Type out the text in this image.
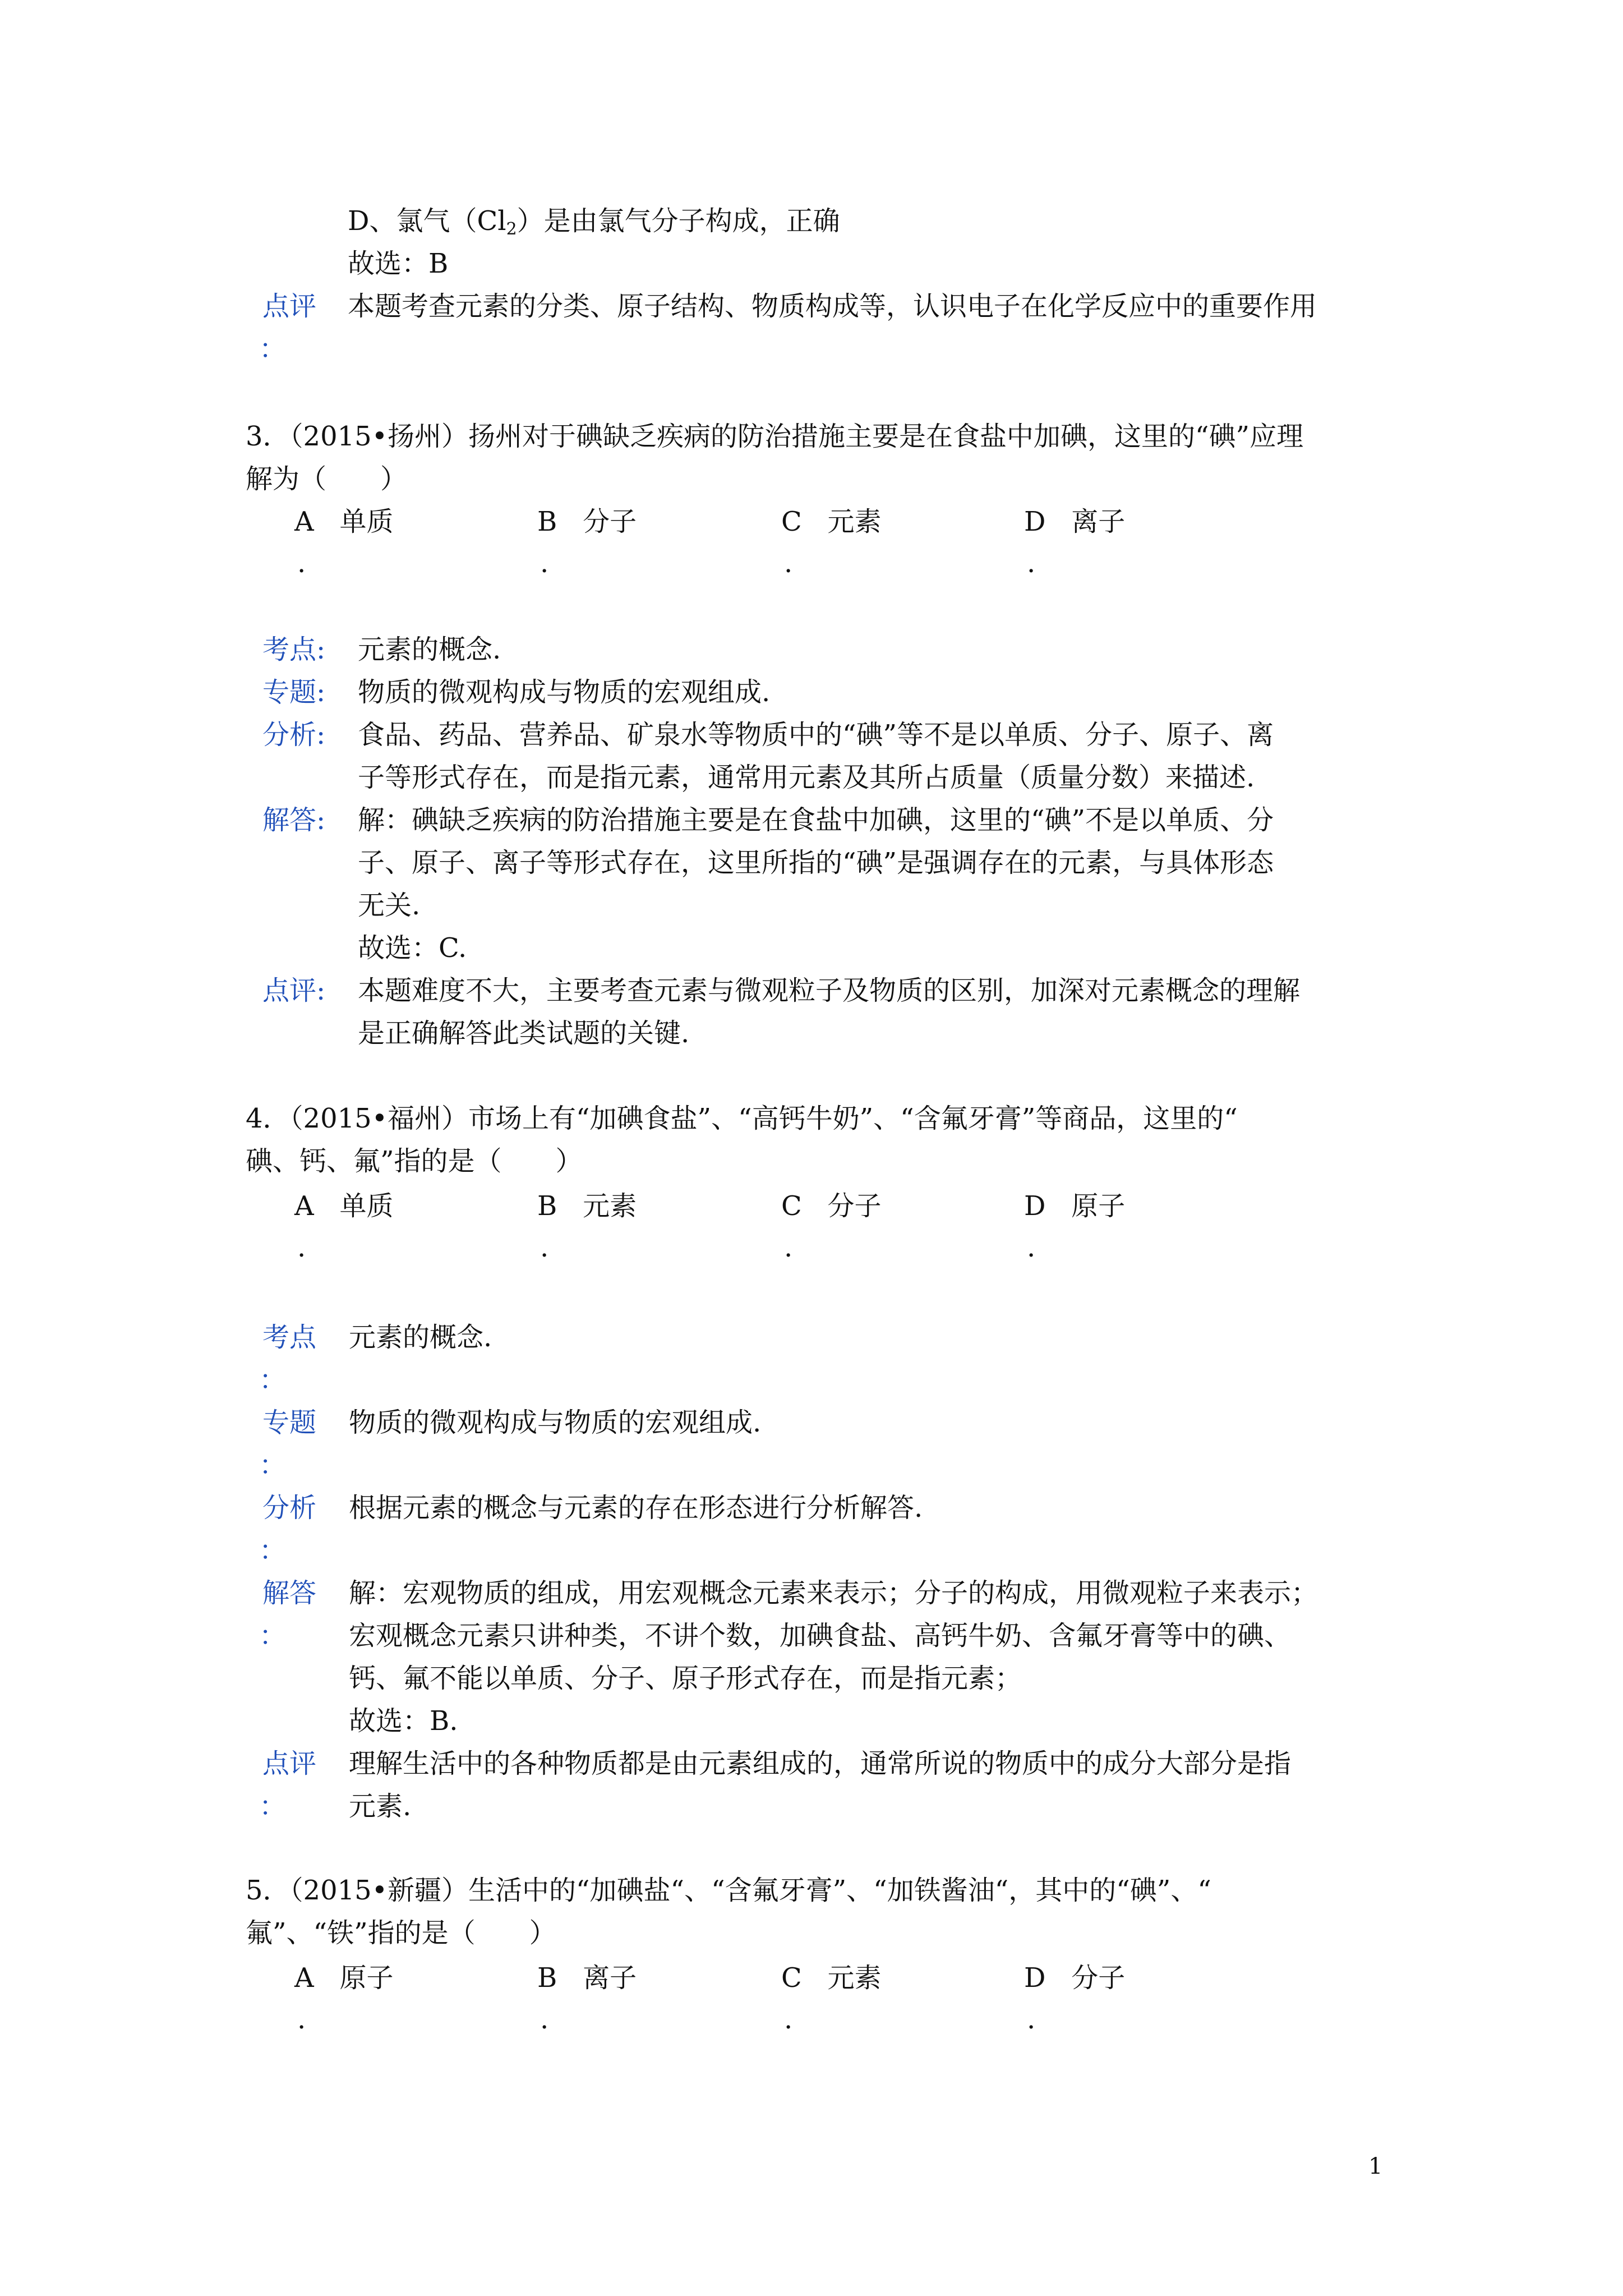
D、氯气$(Cl_2)$是由氯气分子构成，正确
故选：B
点评 本题考查元素的分类、原子结构、物质构成等，认识电子在化学反应中的重要作用
：
3．（2015•扬州）扬州对于碘缺乏疾病的防治措施主要是在食盐中加碘，这里的“碘”应理
解为（　　）
A 单质	B 分子	C 元素	D 离子
.	.	.	.
考点: 元素的概念.
专题: 物质的微观构成与物质的宏观组成.
分析: 食品、药品、营养品、矿泉水等物质中的“碘”等不是以单质、分子、原子、离
子等形式存在，而是指元素，通常用元素及其所占质量（质量分数）来描述.
解答: 解：碘缺乏疾病的防治措施主要是在食盐中加碘，这里的“碘”不是以单质、分
子、原子、离子等形式存在，这里所指的“碘”是强调存在的元素，与具体形态
无关.
故选：C.
点评: 本题难度不大，主要考查元素与微观粒子及物质的区别，加深对元素概念的理解
是正确解答此类试题的关键.
4．（2015•福州）市场上有“加碘食盐”、“高钙牛奶”、“含氟牙膏”等商品，这里的“
碘、钙、氟”指的是（　　）
A 单质	B 元素	C 分子	D 原子
.	.	.	.
考点 元素的概念.
：
专题 物质的微观构成与物质的宏观组成.
：
分析 根据元素的概念与元素的存在形态进行分析解答.
：
解答 解：宏观物质的组成，用宏观概念元素来表示；分子的构成，用微观粒子来表示；
： 宏观概念元素只讲种类，不讲个数，加碘食盐、高钙牛奶、含氟牙膏等中的碘、
钙、氟不能以单质、分子、原子形式存在，而是指元素；
故选：B.
点评 理解生活中的各种物质都是由元素组成的，通常所说的物质中的成分大部分是指
： 元素.
5．（2015•新疆）生活中的“加碘盐“、“含氟牙膏”、“加铁酱油“，其中的“碘”、“
氟”、“铁”指的是（　　）
A 原子	B 离子	C 元素	D 分子
.	.	.	.
1
